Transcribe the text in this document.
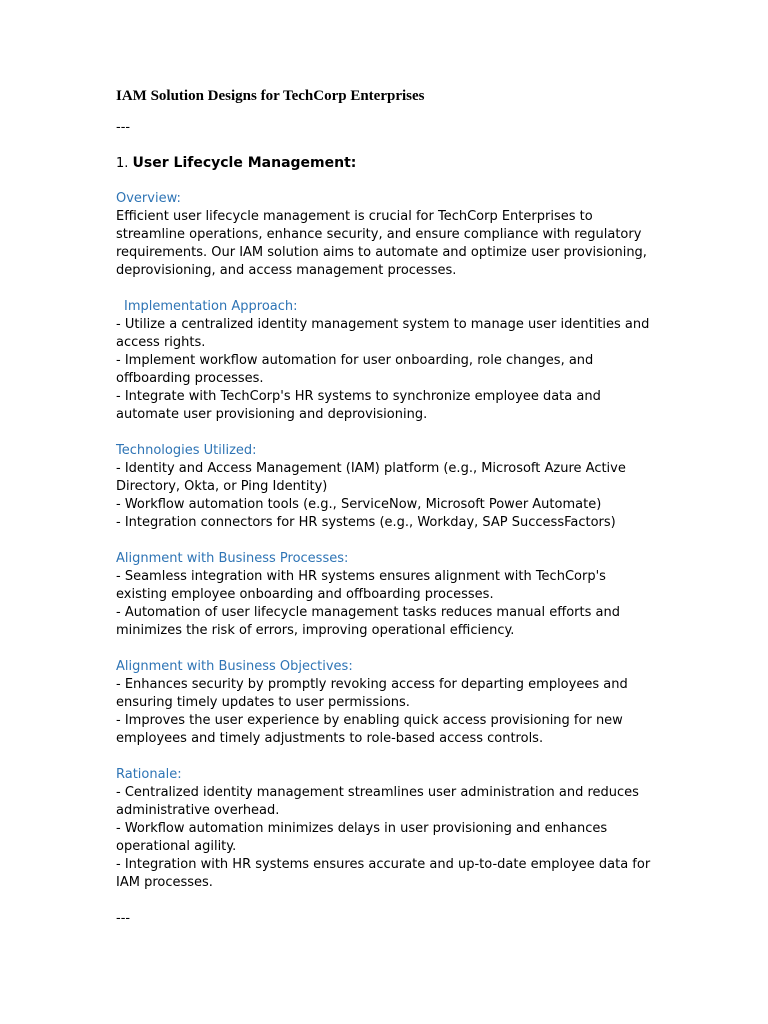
IAM Solution Designs for TechCorp Enterprises
---
1. User Lifecycle Management:

Overview:

Efficient user lifecycle management is crucial for TechCorp Enterprises to streamline operations, enhance security, and ensure compliance with regulatory requirements. Our IAM solution aims to automate and optimize user provisioning, deprovisioning, and access management processes.

Implementation Approach:

- Utilize a centralized identity management system to manage user identities and access rights.

- Implement workflow automation for user onboarding, role changes, and offboarding processes.

- Integrate with TechCorp's HR systems to synchronize employee data and automate user provisioning and deprovisioning.

Technologies Utilized:

- Identity and Access Management (IAM) platform (e.g., Microsoft Azure Active Directory, Okta, or Ping Identity)

- Workflow automation tools (e.g., ServiceNow, Microsoft Power Automate)

- Integration connectors for HR systems (e.g., Workday, SAP SuccessFactors)

Alignment with Business Processes:

- Seamless integration with HR systems ensures alignment with TechCorp's existing employee onboarding and offboarding processes.

- Automation of user lifecycle management tasks reduces manual efforts and minimizes the risk of errors, improving operational efficiency.

Alignment with Business Objectives:

- Enhances security by promptly revoking access for departing employees and ensuring timely updates to user permissions.

- Improves the user experience by enabling quick access provisioning for new employees and timely adjustments to role-based access controls.

Rationale:

- Centralized identity management streamlines user administration and reduces administrative overhead.

- Workflow automation minimizes delays in user provisioning and enhances operational agility.

- Integration with HR systems ensures accurate and up-to-date employee data for IAM processes.

---
